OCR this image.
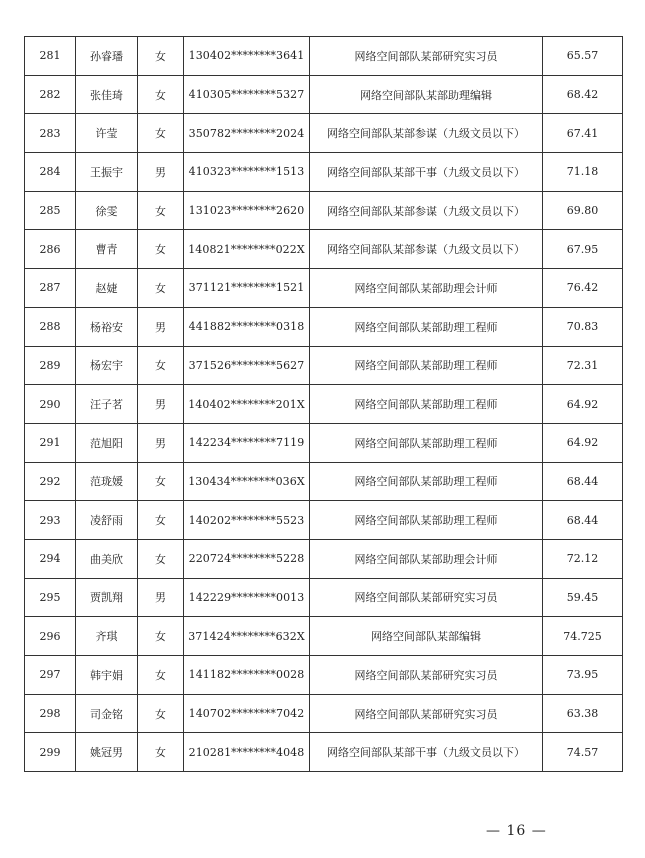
281	孙睿璠	女	130402********3641	网络空间部队某部研究实习员	65.57
282	张佳琦	女	410305********5327	网络空间部队某部助理编辑	68.42
283	许莹	女	350782********2024	网络空间部队某部参谋（九级文员以下）	67.41
284	王振宇	男	410323********1513	网络空间部队某部干事（九级文员以下）	71.18
285	徐雯	女	131023********2620	网络空间部队某部参谋（九级文员以下）	69.80
286	曹青	女	140821********022X	网络空间部队某部参谋（九级文员以下）	67.95
287	赵婕	女	371121********1521	网络空间部队某部助理会计师	76.42
288	杨裕安	男	441882********0318	网络空间部队某部助理工程师	70.83
289	杨宏宇	女	371526********5627	网络空间部队某部助理工程师	72.31
290	汪子茗	男	140402********201X	网络空间部队某部助理工程师	64.92
291	范旭阳	男	142234********7119	网络空间部队某部助理工程师	64.92
292	范珑媛	女	130434********036X	网络空间部队某部助理工程师	68.44
293	凌舒雨	女	140202********5523	网络空间部队某部助理工程师	68.44
294	曲美欣	女	220724********5228	网络空间部队某部助理会计师	72.12
295	贾凯翔	男	142229********0013	网络空间部队某部研究实习员	59.45
296	齐琪	女	371424********632X	网络空间部队某部编辑	74.725
297	韩宇娟	女	141182********0028	网络空间部队某部研究实习员	73.95
298	司金铭	女	140702********7042	网络空间部队某部研究实习员	63.38
299	姚冠男	女	210281********4048	网络空间部队某部干事（九级文员以下）	74.57
— 16 —
